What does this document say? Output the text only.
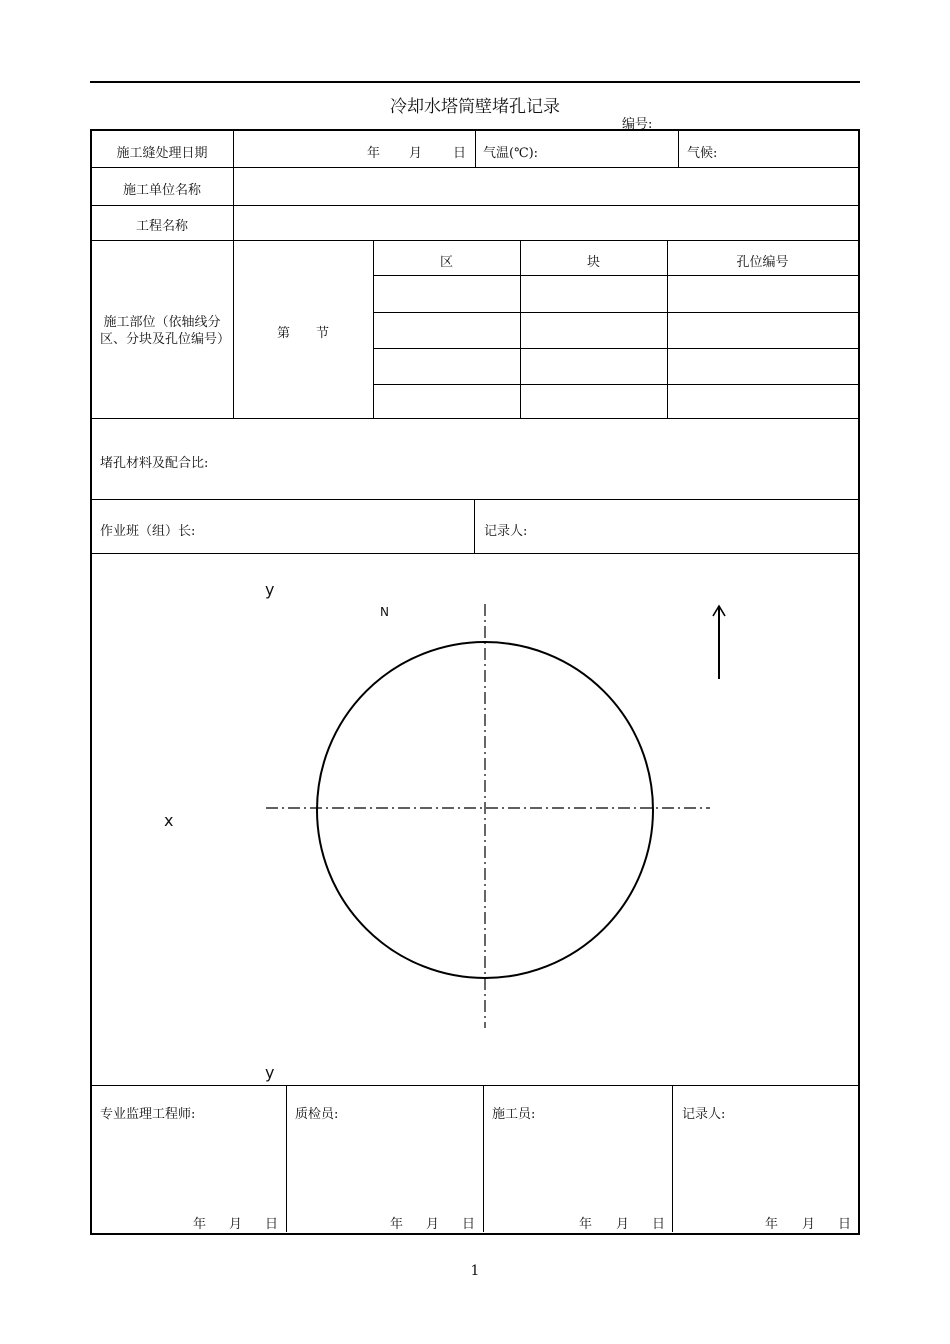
冷却水塔筒壁堵孔记录
编号:
施工缝处理日期	年 月 日 气温(℃):	气候:
施工单位名称
工程名称
施工部位（依轴线分区、分块及孔位编号）	第　　节
区	块	孔位编号
堵孔材料及配合比:
作业班（组）长:	记录人:
y
N
x
y
专业监理工程师:	质检员:	施工员:	记录人:
年 月 日	年 月 日	年 月 日	年 月 日
1
